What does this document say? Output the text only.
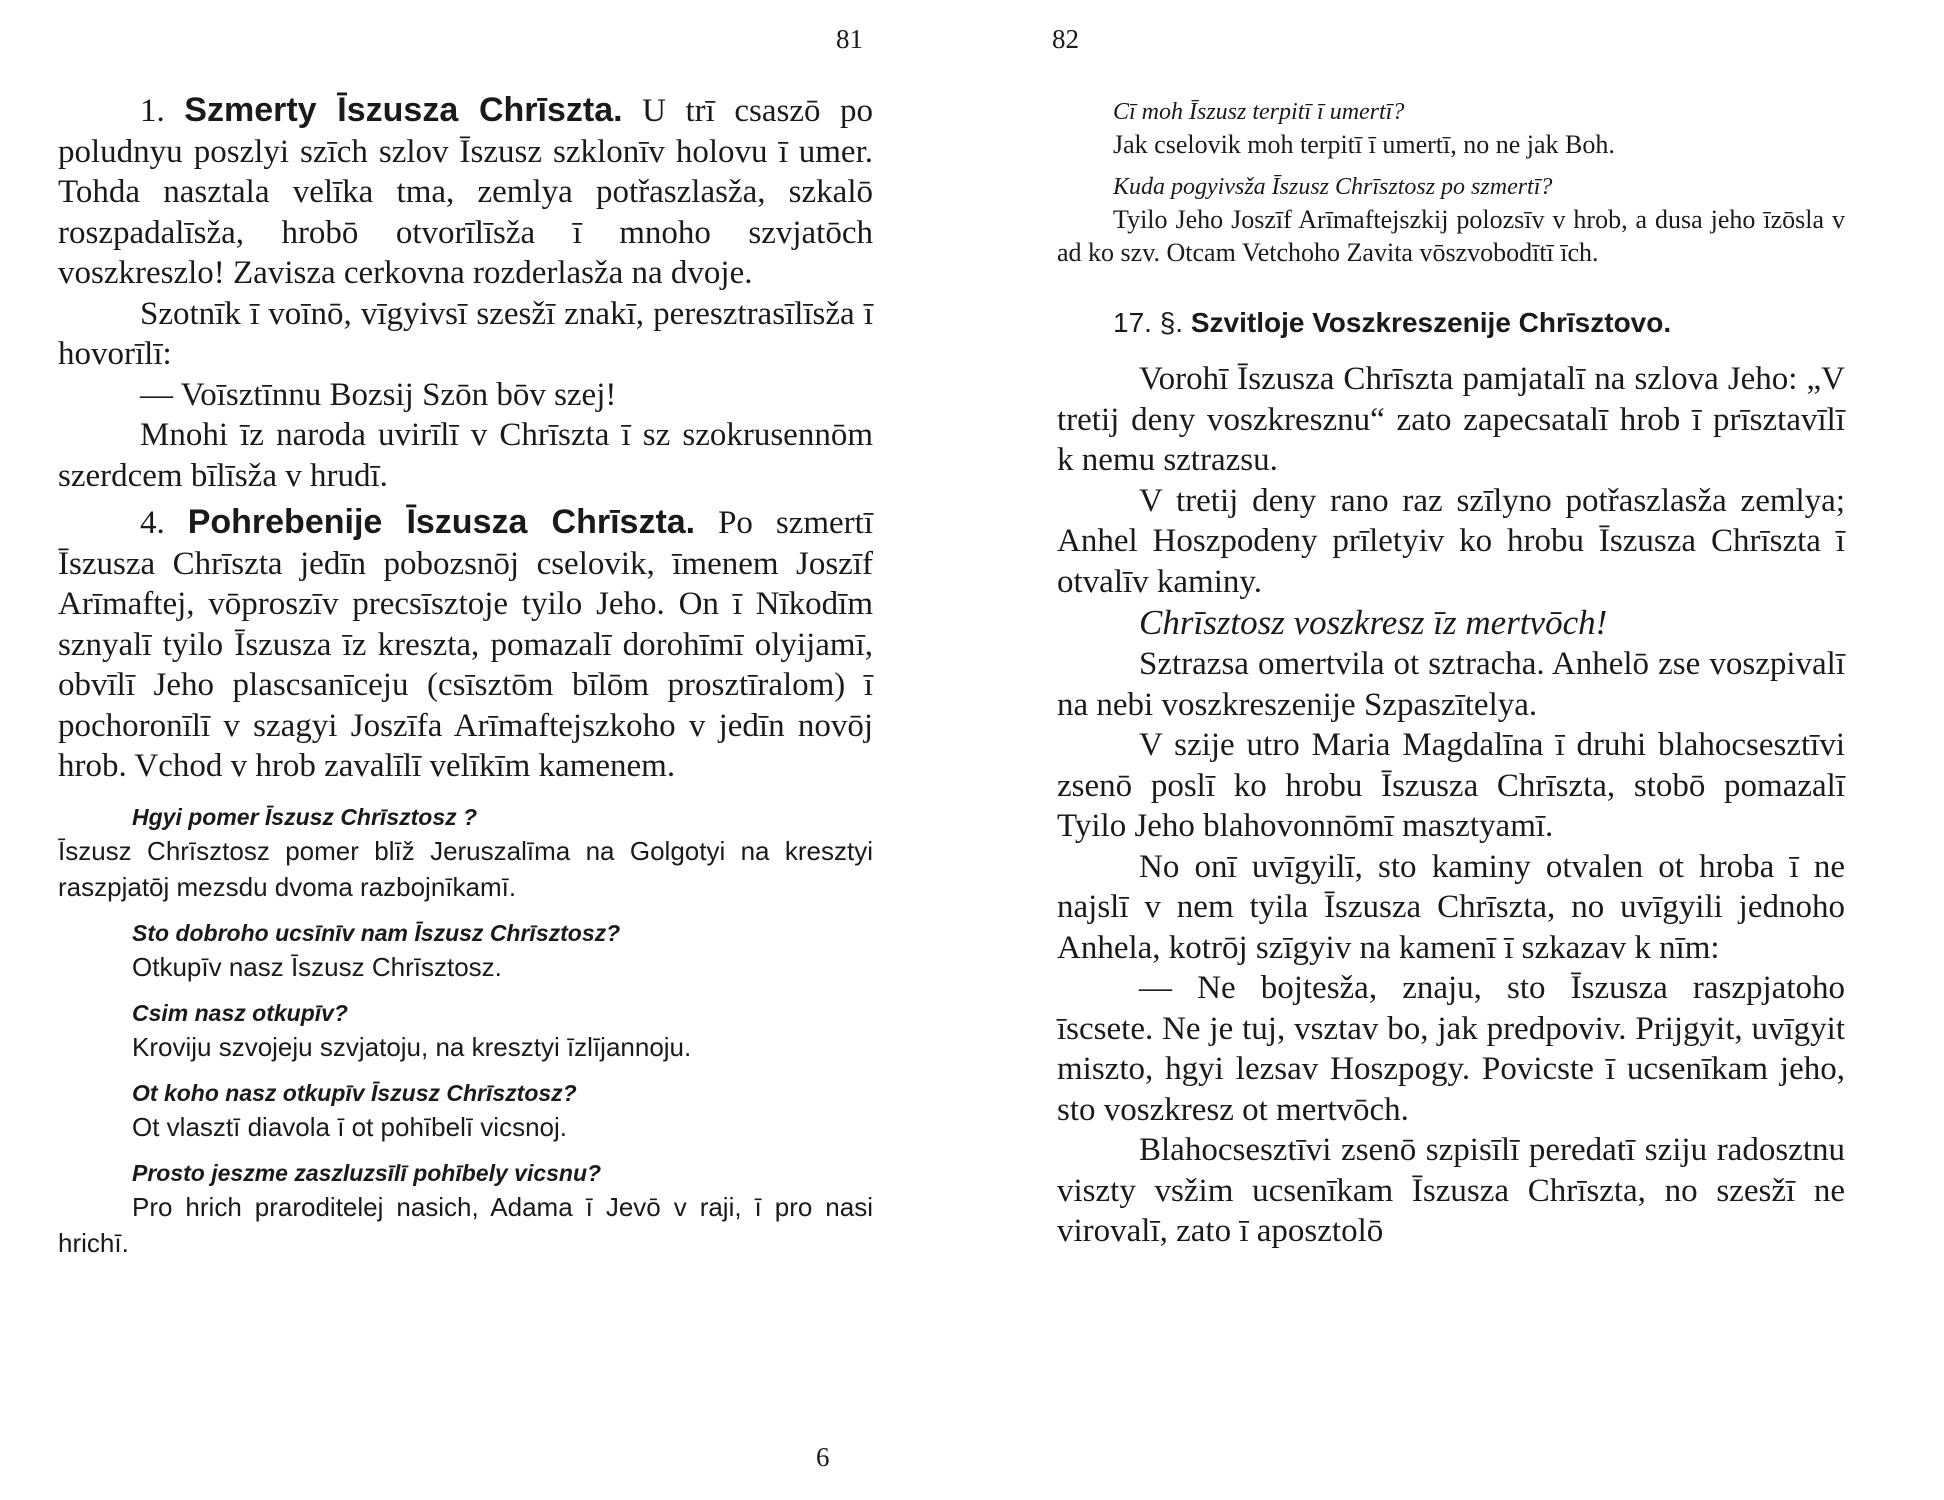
81

1. Szmerty Īszusza Chrīszta. U trī csaszō po poludnyu poszlyi szīch szlov Īszusz szklonīv holovu ī umer. Tohda nasztala velīka tma, zemlya potřaszlasža, szkalō roszpadalīsža, hrobō otvorīlīsža ī mnoho szvjatōch voszkreszlo! Zavisza cerkovna rozderlasža na dvoje.

Szotnīk ī voīnō, vīgyivsī szesžī znakī, peresztrasīlīsža ī hovorīlī:

— Voīsztīnnu Bozsij Szōn bōv szej!

Mnohi īz naroda uvirīlī v Chrīszta ī sz szokrusennōm szerdcem bīlīsža v hrudī.

4. Pohrebenije Īszusza Chrīszta. Po szmertī Īszusza Chrīszta jedīn pobozsnōj cselovik, īmenem Joszīf Arīmaftej, vōproszīv precsīsztoje tyilo Jeho. On ī Nīkodīm sznyalī tyilo Īszusza īz kreszta, pomazalī dorohīmī olyijamī, obvīlī Jeho plascsanīceju (csīsztōm bīlōm prosztīralom) ī pochoronīlī v szagyi Joszīfa Arīmaftejszkoho v jedīn novōj hrob. Vchod v hrob zavalīlī velīkīm kamenem.

Hgyi pomer Īszusz Chrīsztosz ?

Īszusz Chrīsztosz pomer blīž Jeruszalīma na Golgotyi na kresztyi raszpjatōj mezsdu dvoma razbojnīkamī.

Sto dobroho ucsīnīv nam Īszusz Chrīsztosz?

Otkupīv nasz Īszusz Chrīsztosz.

Csim nasz otkupīv?

Kroviju szvojeju szvjatoju, na kresztyi īzlījannoju.

Ot koho nasz otkupīv Īszusz Chrīsztosz?

Ot vlasztī diavola ī ot pohībelī vicsnoj.

Prosto jeszme zaszluzsīlī pohībely vicsnu?

Pro hrich praroditelej nasich, Adama ī Jevō v raji, ī pro nasi hrichī.

6
82

Cī moh Īszusz terpitī ī umertī?

Jak cselovik moh terpitī ī umertī, no ne jak Boh.

Kuda pogyivsža Īszusz Chrīsztosz po szmertī?

Tyilo Jeho Joszīf Arīmaftejszkij polozsīv v hrob, a dusa jeho īzōsla v ad ko szv. Otcam Vetchoho Zavita vōszvobodītī īch.

17. §. Szvitloje Voszkreszenije Chrīsztovo.

Vorohī Īszusza Chrīszta pamjatalī na szlova Jeho: „V tretij deny voszkresznu“ zato zapecsatalī hrob ī prīsztavīlī k nemu sztrazsu.

V tretij deny rano raz szīlyno potřaszlasža zemlya; Anhel Hoszpodeny prīletyiv ko hrobu Īszusza Chrīszta ī otvalīv kaminy.

Chrīsztosz voszkresz īz mertvōch!

Sztrazsa omertvila ot sztracha. Anhelō zse voszpivalī na nebi voszkreszenije Szpaszītelya.

V szije utro Maria Magdalīna ī druhi blahocsesztīvi zsenō poslī ko hrobu Īszusza Chrīszta, stobō pomazalī Tyilo Jeho blahovonnōmī masztyamī.

No onī uvīgyilī, sto kaminy otvalen ot hroba ī ne najslī v nem tyila Īszusza Chrīszta, no uvīgyili jednoho Anhela, kotrōj szīgyiv na kamenī ī szkazav k nīm:

— Ne bojtesža, znaju, sto Īszusza raszpjatoho īscsete. Ne je tuj, vsztav bo, jak predpoviv. Prijgyit, uvīgyit miszto, hgyi lezsav Hoszpogy. Povicste ī ucsenīkam jeho, sto voszkresz ot mertvōch.

Blahocsesztīvi zsenō szpisīlī peredatī sziju radosztnu viszty vsžim ucsenīkam Īszusza Chrīszta, no szesžī ne virovalī, zato ī aposztolō
